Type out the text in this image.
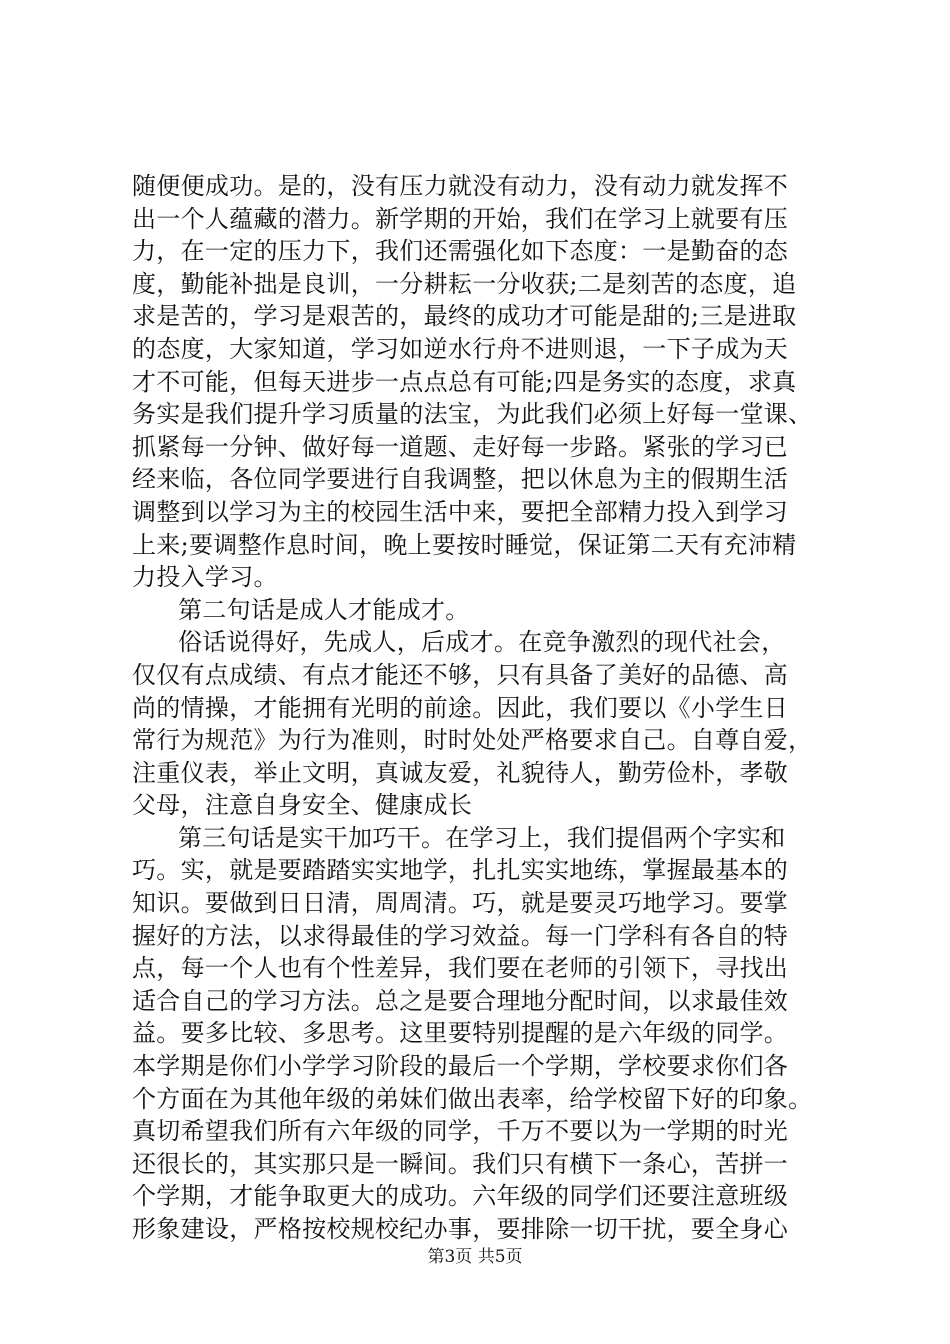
随便便成功。是的，没有压力就没有动力，没有动力就发挥不
出一个人蕴藏的潜力。新学期的开始，我们在学习上就要有压
力，在一定的压力下，我们还需强化如下态度：一是勤奋的态
度，勤能补拙是良训，一分耕耘一分收获;二是刻苦的态度，追
求是苦的，学习是艰苦的，最终的成功才可能是甜的;三是进取
的态度，大家知道，学习如逆水行舟不进则退，一下子成为天
才不可能，但每天进步一点点总有可能;四是务实的态度，求真
务实是我们提升学习质量的法宝，为此我们必须上好每一堂课、
抓紧每一分钟、做好每一道题、走好每一步路。紧张的学习已
经来临，各位同学要进行自我调整，把以休息为主的假期生活
调整到以学习为主的校园生活中来，要把全部精力投入到学习
上来;要调整作息时间，晚上要按时睡觉，保证第二天有充沛精
力投入学习。
第二句话是成人才能成才。
俗话说得好，先成人，后成才。在竞争激烈的现代社会，
仅仅有点成绩、有点才能还不够，只有具备了美好的品德、高
尚的情操，才能拥有光明的前途。因此，我们要以《小学生日
常行为规范》为行为准则，时时处处严格要求自己。自尊自爱，
注重仪表，举止文明，真诚友爱，礼貌待人，勤劳俭朴，孝敬
父母，注意自身安全、健康成长
第三句话是实干加巧干。在学习上，我们提倡两个字实和
巧。实，就是要踏踏实实地学，扎扎实实地练，掌握最基本的
知识。要做到日日清，周周清。巧，就是要灵巧地学习。要掌
握好的方法，以求得最佳的学习效益。每一门学科有各自的特
点，每一个人也有个性差异，我们要在老师的引领下，寻找出
适合自己的学习方法。总之是要合理地分配时间，以求最佳效
益。要多比较、多思考。这里要特别提醒的是六年级的同学。
本学期是你们小学学习阶段的最后一个学期，学校要求你们各
个方面在为其他年级的弟妹们做出表率，给学校留下好的印象。
真切希望我们所有六年级的同学，千万不要以为一学期的时光
还很长的，其实那只是一瞬间。我们只有横下一条心，苦拼一
个学期，才能争取更大的成功。六年级的同学们还要注意班级
形象建设，严格按校规校纪办事，要排除一切干扰，要全身心
第3页 共5页
